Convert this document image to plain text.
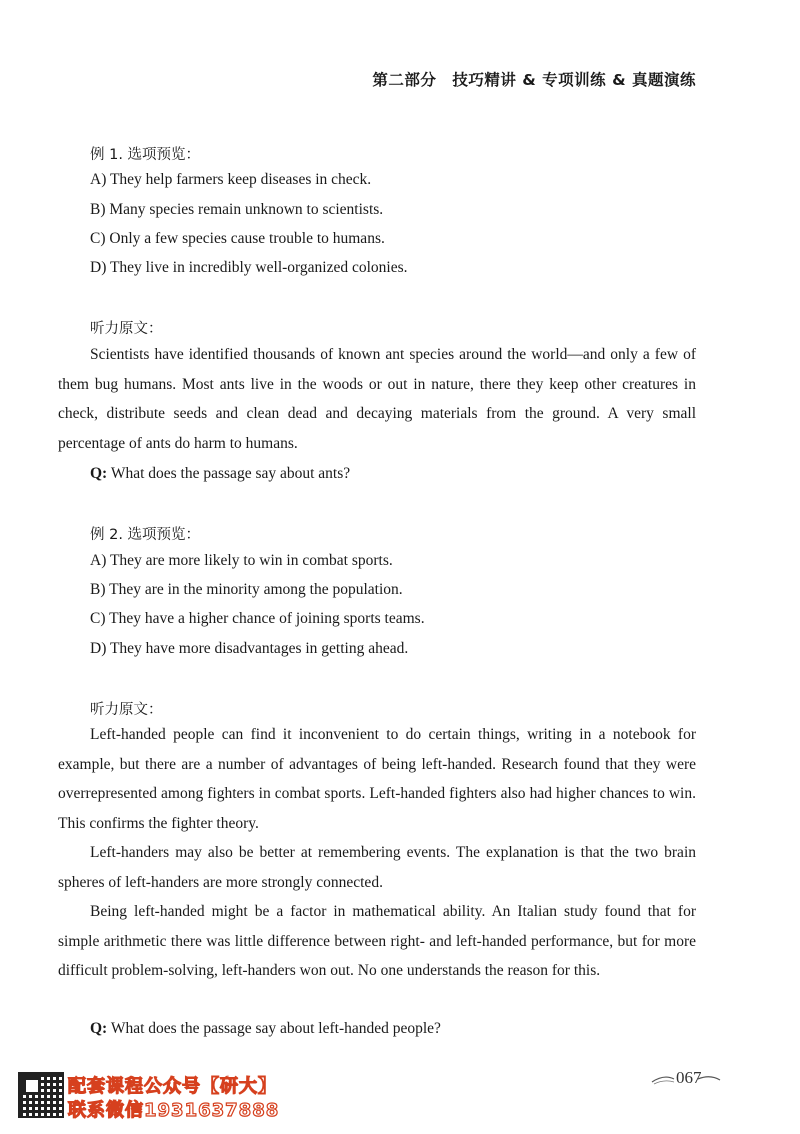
第二部分　技巧精讲 & 专项训练 & 真题演练
例 1. 选项预览：
A) They help farmers keep diseases in check.
B) Many species remain unknown to scientists.
C) Only a few species cause trouble to humans.
D) They live in incredibly well-organized colonies.
听力原文：

Scientists have identified thousands of known ant species around the world—and only a few of them bug humans. Most ants live in the woods or out in nature, there they keep other creatures in check, distribute seeds and clean dead and decaying materials from the ground. A very small percentage of ants do harm to humans.

Q: What does the passage say about ants?
例 2. 选项预览：
A) They are more likely to win in combat sports.
B) They are in the minority among the population.
C) They have a higher chance of joining sports teams.
D) They have more disadvantages in getting ahead.
听力原文：

Left-handed people can find it inconvenient to do certain things, writing in a notebook for example, but there are a number of advantages of being left-handed. Research found that they were overrepresented among fighters in combat sports. Left-handed fighters also had higher chances to win. This confirms the fighter theory.

Left-handers may also be better at remembering events. The explanation is that the two brain spheres of left-handers are more strongly connected.

Being left-handed might be a factor in mathematical ability. An Italian study found that for simple arithmetic there was little difference between right- and left-handed performance, but for more difficult problem-solving, left-handers won out. No one understands the reason for this.

Q: What does the passage say about left-handed people?
配套课程公众号【研大】
联系微信1931637888
067
